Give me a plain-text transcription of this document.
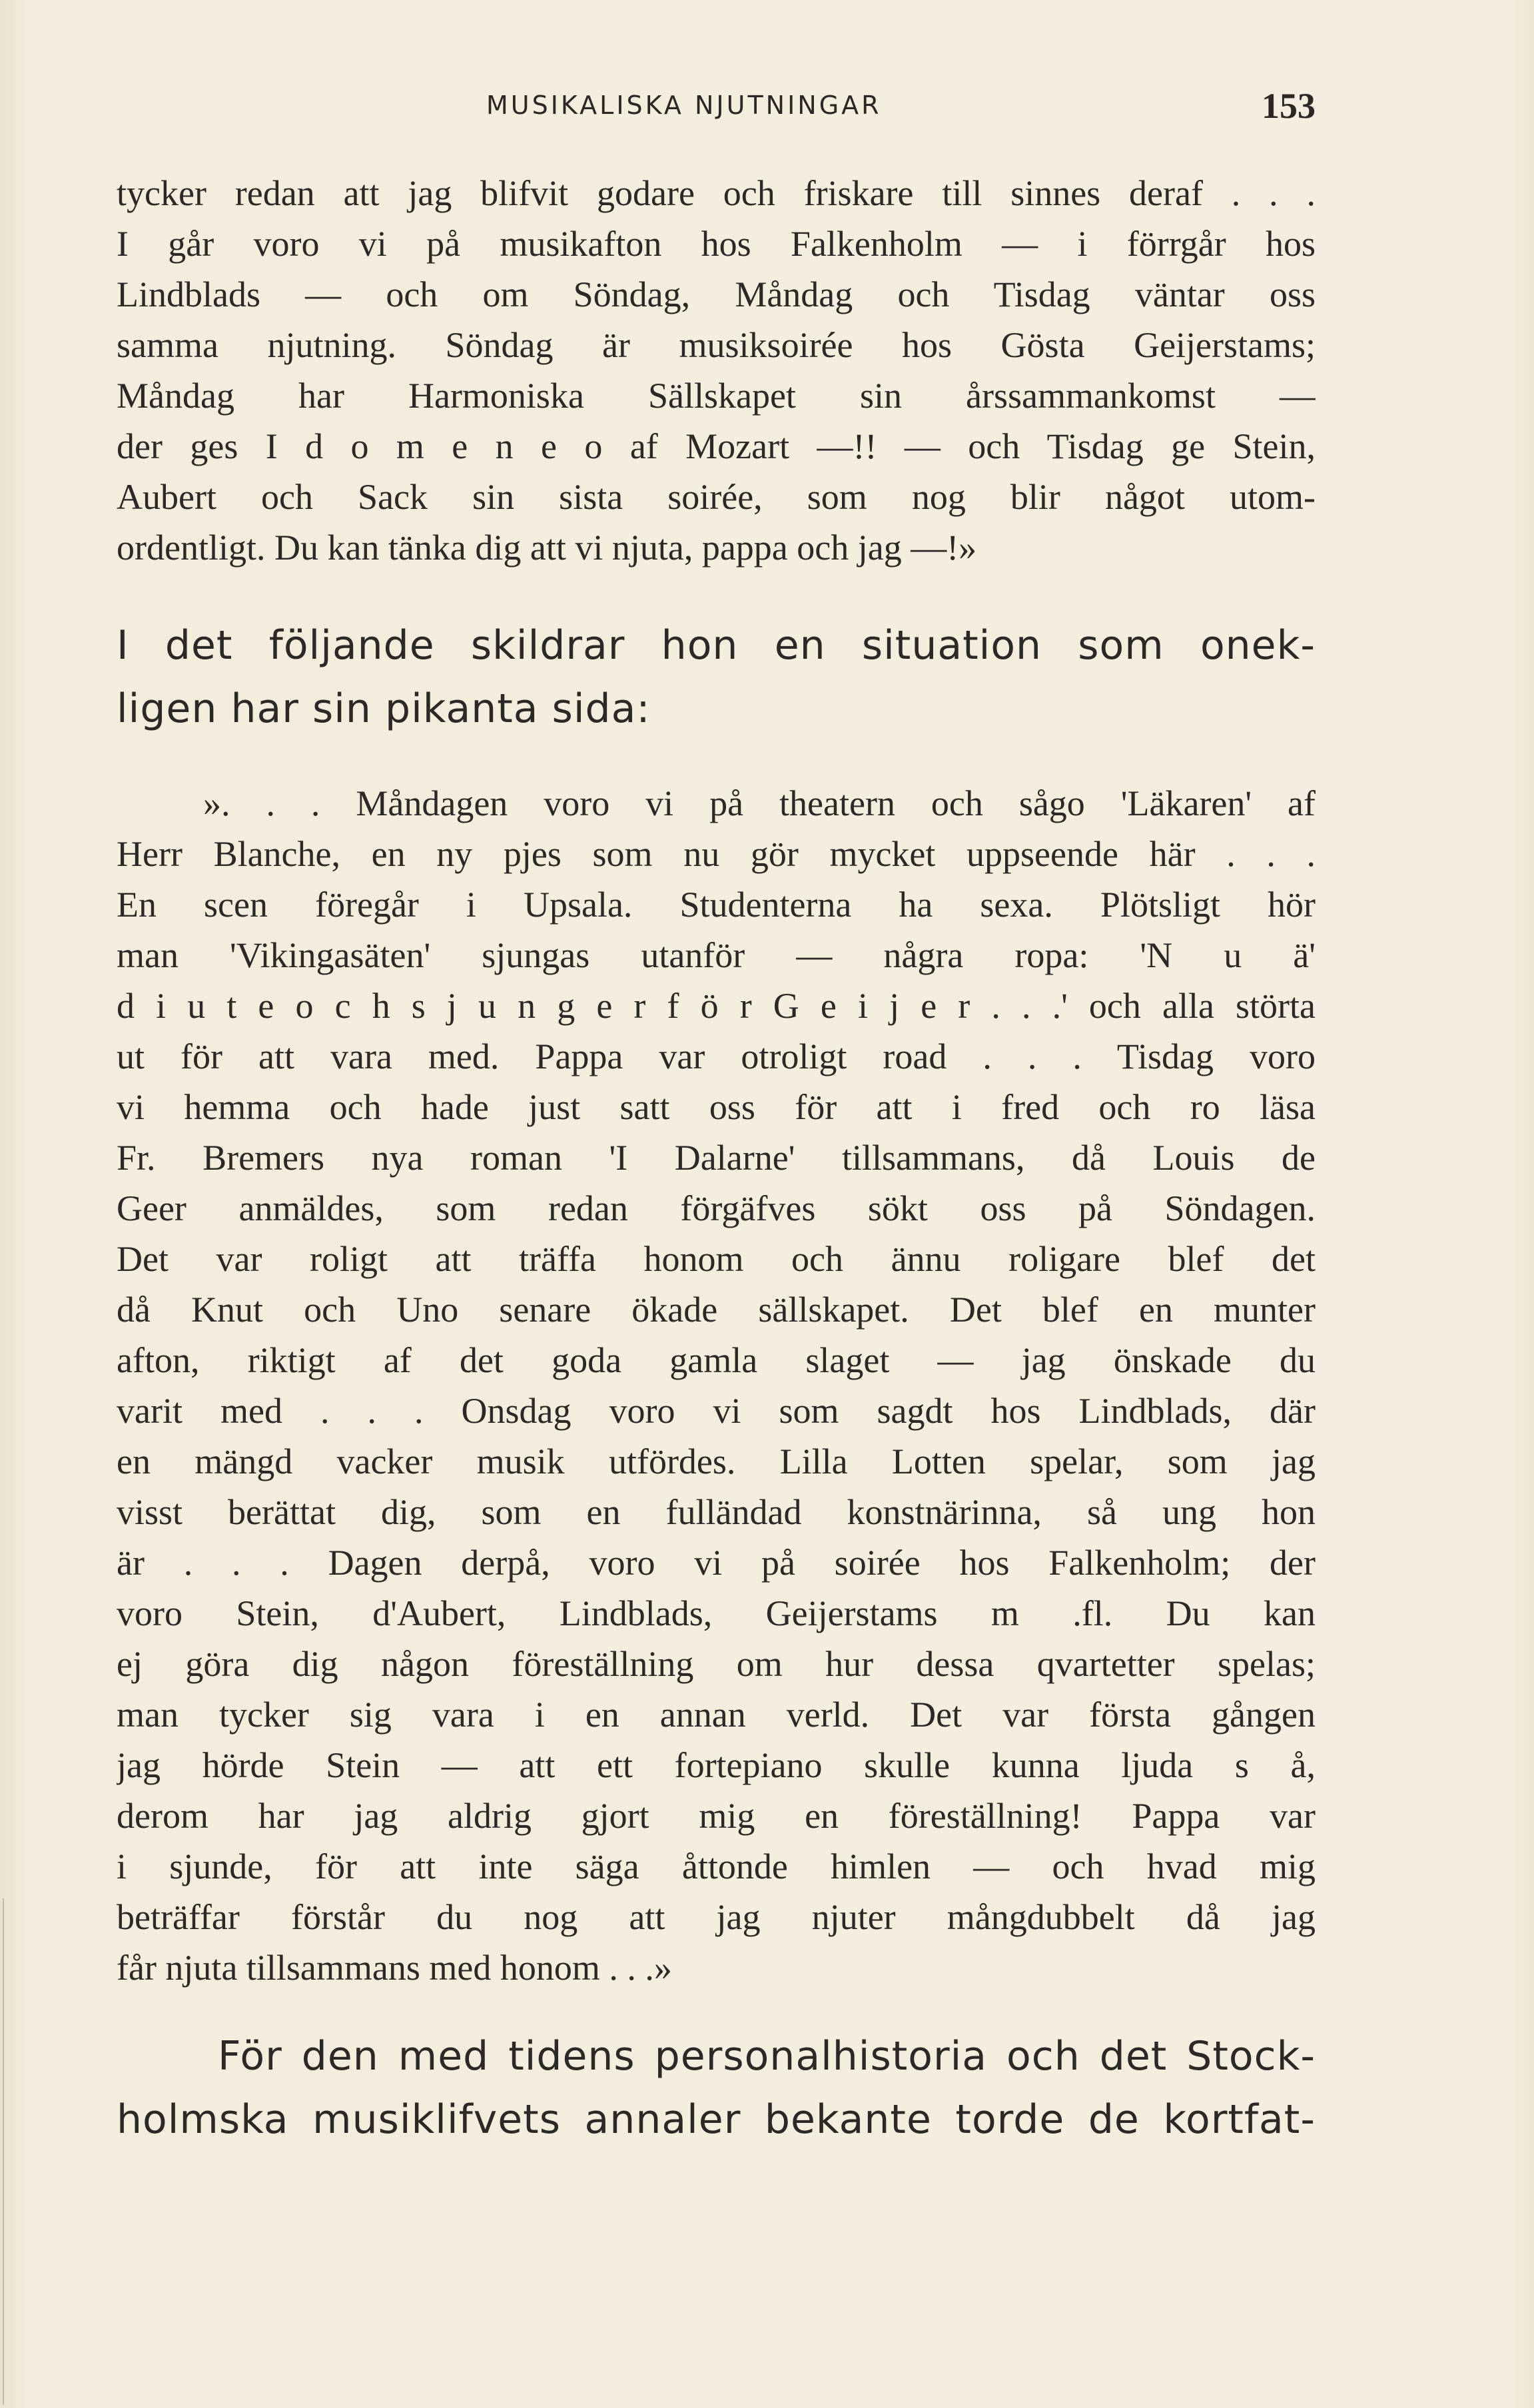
MUSIKALISKA NJUTNINGAR	153
tycker redan att jag blifvit godare och friskare till sinnes deraf . . .
I går voro vi på musikafton hos Falkenholm — i förrgår hos
Lindblads — och om Söndag, Måndag och Tisdag väntar oss
samma njutning. Söndag är musiksoirée hos Gösta Geijerstams;
Måndag har Harmoniska Sällskapet sin årssammankomst —
der ges I d o m e n e o af Mozart —!! — och Tisdag ge Stein,
Aubert och Sack sin sista soirée, som nog blir något utom-
ordentligt. Du kan tänka dig att vi njuta, pappa och jag —!»
I det följande skildrar hon en situation som onek-
ligen har sin pikanta sida:
». . . Måndagen voro vi på theatern och sågo 'Läkaren' af
Herr Blanche, en ny pjes som nu gör mycket uppseende här . . .
En scen föregår i Upsala. Studenterna ha sexa. Plötsligt hör
man 'Vikingasäten' sjungas utanför — några ropa: 'N u ä'
d i u t e o c h s j u n g e r f ö r G e i j e r . . .' och alla störta
ut för att vara med. Pappa var otroligt road . . . Tisdag voro
vi hemma och hade just satt oss för att i fred och ro läsa
Fr. Bremers nya roman 'I Dalarne' tillsammans, då Louis de
Geer anmäldes, som redan förgäfves sökt oss på Söndagen.
Det var roligt att träffa honom och ännu roligare blef det
då Knut och Uno senare ökade sällskapet. Det blef en munter
afton, riktigt af det goda gamla slaget — jag önskade du
varit med . . . Onsdag voro vi som sagdt hos Lindblads, där
en mängd vacker musik utfördes. Lilla Lotten spelar, som jag
visst berättat dig, som en fulländad konstnärinna, så ung hon
är . . . Dagen derpå, voro vi på soirée hos Falkenholm; der
voro Stein, d'Aubert, Lindblads, Geijerstams m .fl. Du kan
ej göra dig någon föreställning om hur dessa qvartetter spelas;
man tycker sig vara i en annan verld. Det var första gången
jag hörde Stein — att ett fortepiano skulle kunna ljuda s å,
derom har jag aldrig gjort mig en föreställning! Pappa var
i sjunde, för att inte säga åttonde himlen — och hvad mig
beträffar förstår du nog att jag njuter mångdubbelt då jag
får njuta tillsammans med honom . . .»
För den med tidens personalhistoria och det Stock-
holmska musiklifvets annaler bekante torde de kortfat-
